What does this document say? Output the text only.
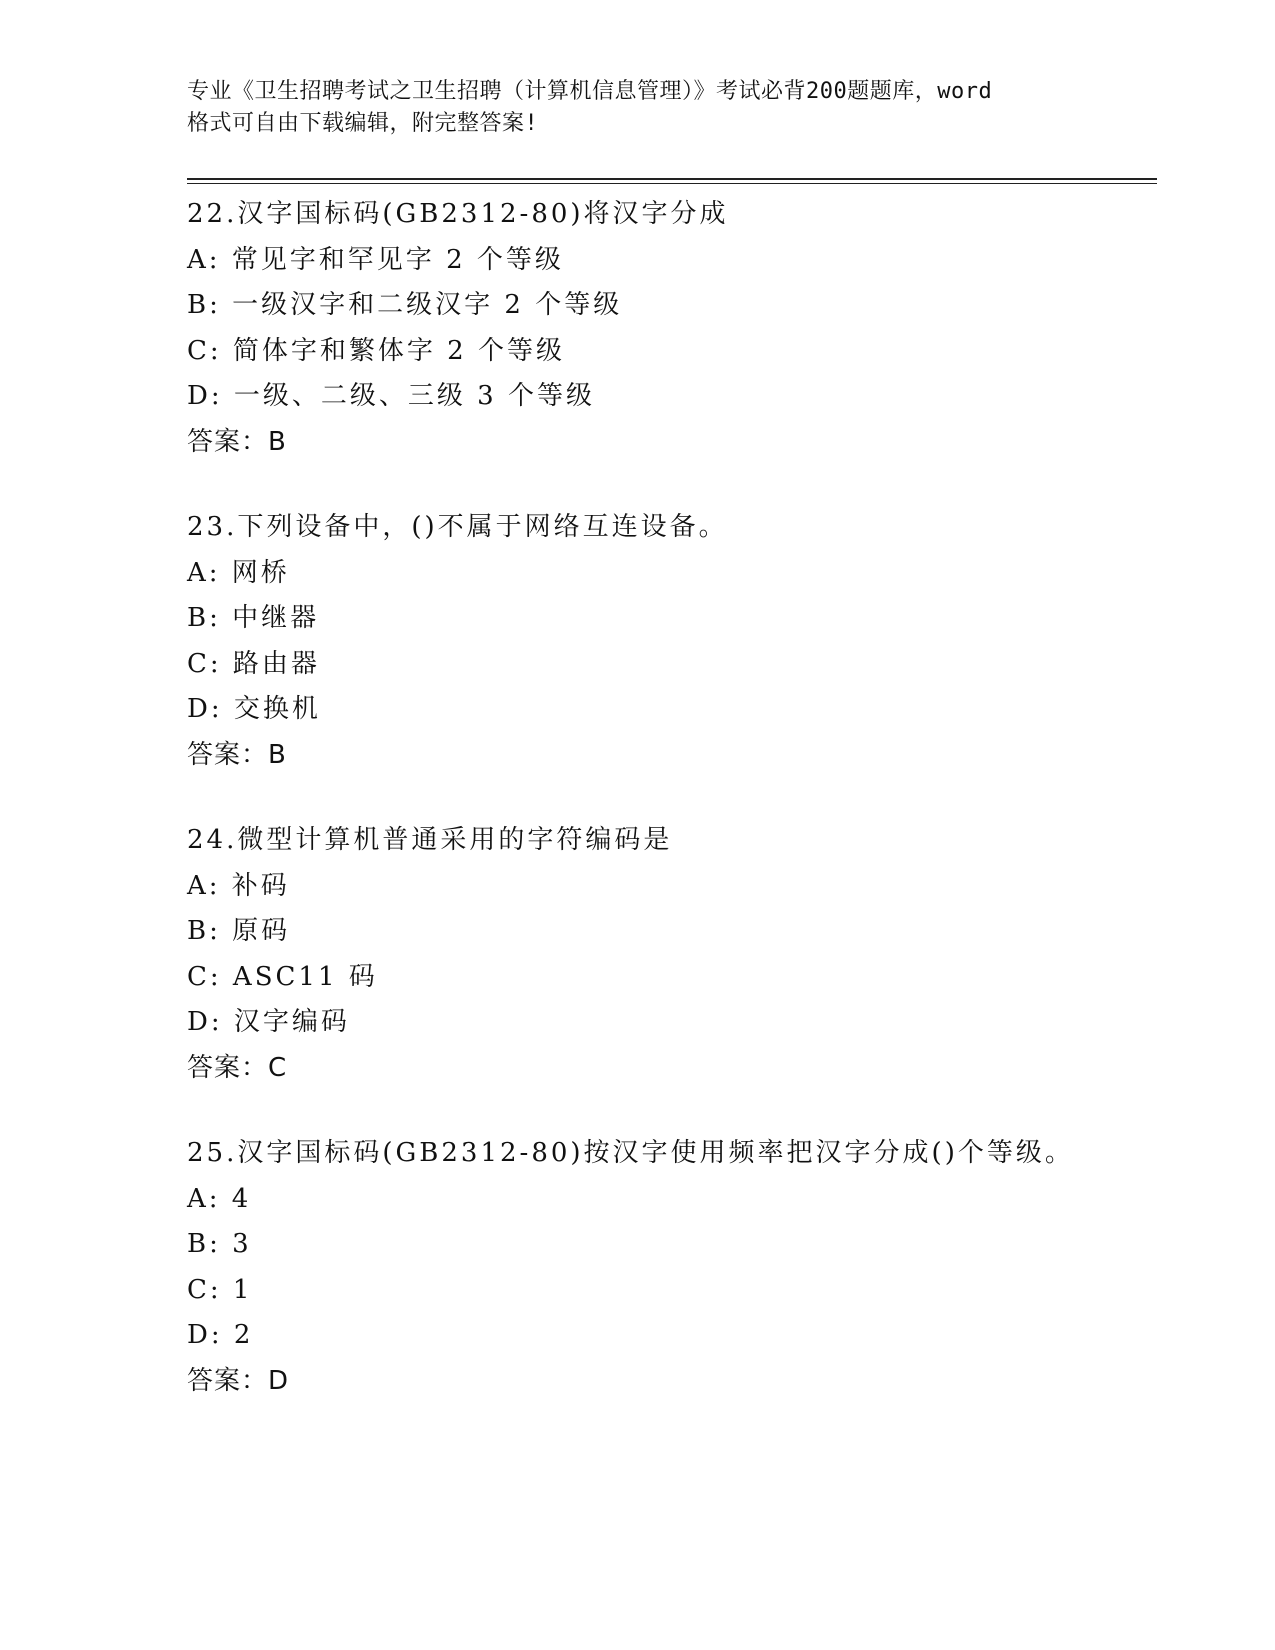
专业《卫生招聘考试之卫生招聘（计算机信息管理）》考试必背200题题库，word
格式可自由下载编辑，附完整答案!
22.汉字国标码(GB2312-80)将汉字分成
A: 常见字和罕见字 2 个等级
B: 一级汉字和二级汉字 2 个等级
C: 简体字和繁体字 2 个等级
D: 一级、二级、三级 3 个等级
答案：B
23.下列设备中，()不属于网络互连设备。
A: 网桥
B: 中继器
C: 路由器
D: 交换机
答案：B
24.微型计算机普通采用的字符编码是
A: 补码
B: 原码
C: ASC11 码
D: 汉字编码
答案：C
25.汉字国标码(GB2312-80)按汉字使用频率把汉字分成()个等级。
A: 4
B: 3
C: 1
D: 2
答案：D
